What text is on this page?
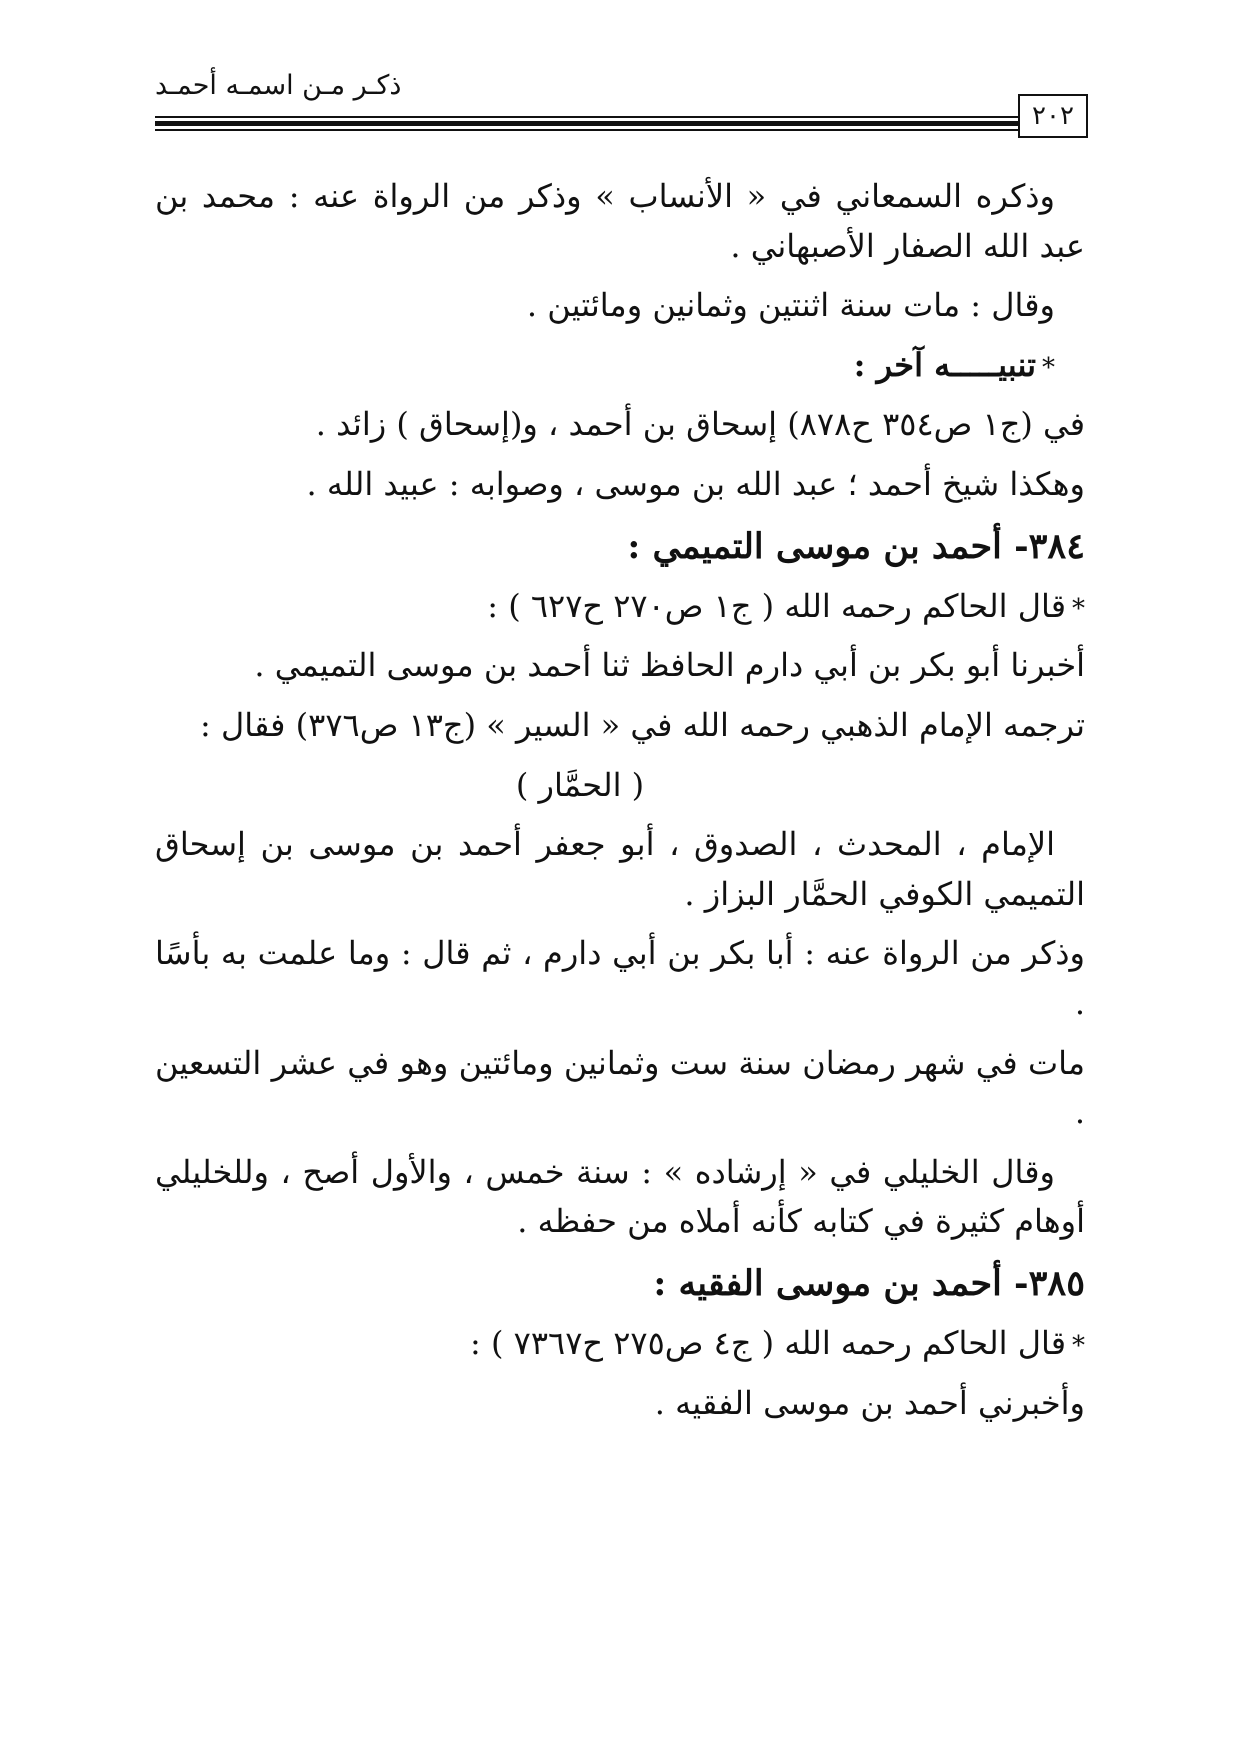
ذكـر مـن اسمـه أحمـد
٢٠٢

وذكره السمعاني في « الأنساب » وذكر من الرواة عنه : محمد بن عبد الله الصفار الأصبهاني .

وقال : مات سنة اثنتين وثمانين ومائتين .

*تنبيـــــه آخر :

في (ج١ ص٣٥٤ ح٨٧٨) إسحاق بن أحمد ، و(إسحاق ) زائد .

وهكذا شيخ أحمد ؛ عبد الله بن موسى ، وصوابه : عبيد الله .

٣٨٤- أحمد بن موسى التميمي :

*قال الحاكم رحمه الله ( ج١ ص٢٧٠ ح٦٢٧ ) :

أخبرنا أبو بكر بن أبي دارم الحافظ ثنا أحمد بن موسى التميمي .

ترجمه الإمام الذهبي رحمه الله في « السير » (ج١٣ ص٣٧٦) فقال :

( الحمَّار )

الإمام ، المحدث ، الصدوق ، أبو جعفر أحمد بن موسى بن إسحاق التميمي الكوفي الحمَّار البزاز .

وذكر من الرواة عنه : أبا بكر بن أبي دارم ، ثم قال : وما علمت به بأسًا .

مات في شهر رمضان سنة ست وثمانين ومائتين وهو في عشر التسعين .

وقال الخليلي في « إرشاده » : سنة خمس ، والأول أصح ، وللخليلي أوهام كثيرة في كتابه كأنه أملاه من حفظه .

٣٨٥- أحمد بن موسى الفقيه :

*قال الحاكم رحمه الله ( ج٤ ص٢٧٥ ح٧٣٦٧ ) :

وأخبرني أحمد بن موسى الفقيه .
